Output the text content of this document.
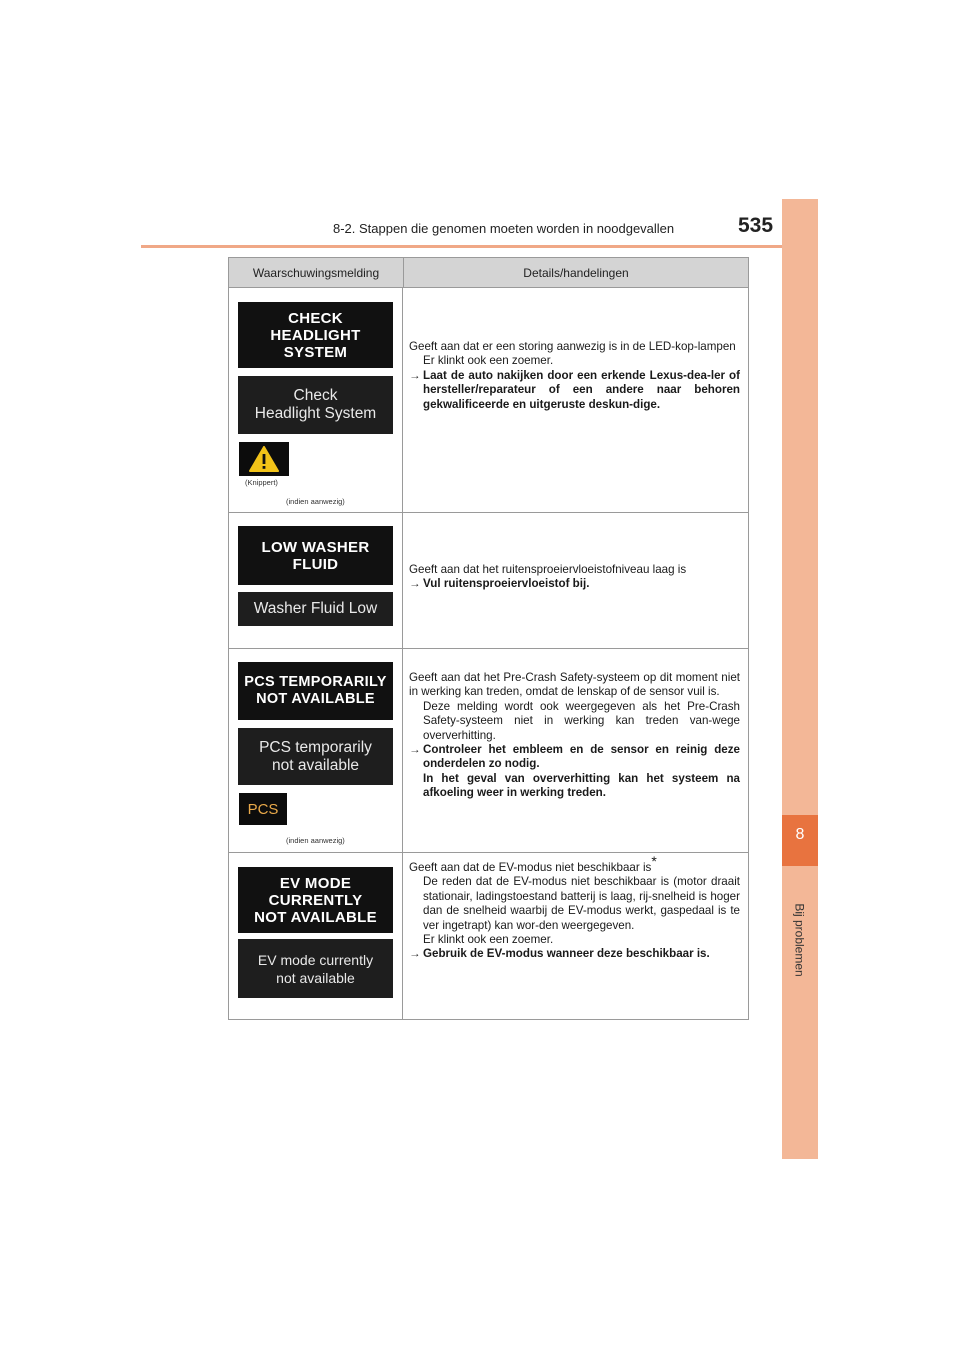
8-2. Stappen die genomen moeten worden in noodgevallen	535
8
Bij problemen
Waarschuwingsmelding	Details/handelingen
CHECK
HEADLIGHT
SYSTEM
Check
Headlight System
(Knippert)
(indien aanwezig)
Geeft aan dat er een storing aanwezig is in de LED-kop-lampen
Er klinkt ook een zoemer.
→ Laat de auto nakijken door een erkende Lexus-dea-ler of hersteller/reparateur of een andere naar behoren gekwalificeerde en uitgeruste deskun-dige.
LOW WASHER
FLUID
Washer Fluid Low
Geeft aan dat het ruitensproeiervloeistofniveau laag is
→ Vul ruitensproeiervloeistof bij.
PCS TEMPORARILY
NOT AVAILABLE
PCS temporarily
not available
PCS
(indien aanwezig)
Geeft aan dat het Pre-Crash Safety-systeem op dit moment niet in werking kan treden, omdat de lenskap of de sensor vuil is.
Deze melding wordt ook weergegeven als het Pre-Crash Safety-systeem niet in werking kan treden van-wege oververhitting.
→ Controleer het embleem en de sensor en reinig deze onderdelen zo nodig.
In het geval van oververhitting kan het systeem na afkoeling weer in werking treden.
EV MODE
CURRENTLY
NOT AVAILABLE
EV mode currently
not available
Geeft aan dat de EV-modus niet beschikbaar is*
De reden dat de EV-modus niet beschikbaar is (motor draait stationair, ladingstoestand batterij is laag, rij-snelheid is hoger dan de snelheid waarbij de EV-modus werkt, gaspedaal is te ver ingetrapt) kan wor-den weergegeven.
Er klinkt ook een zoemer.
→ Gebruik de EV-modus wanneer deze beschikbaar is.
